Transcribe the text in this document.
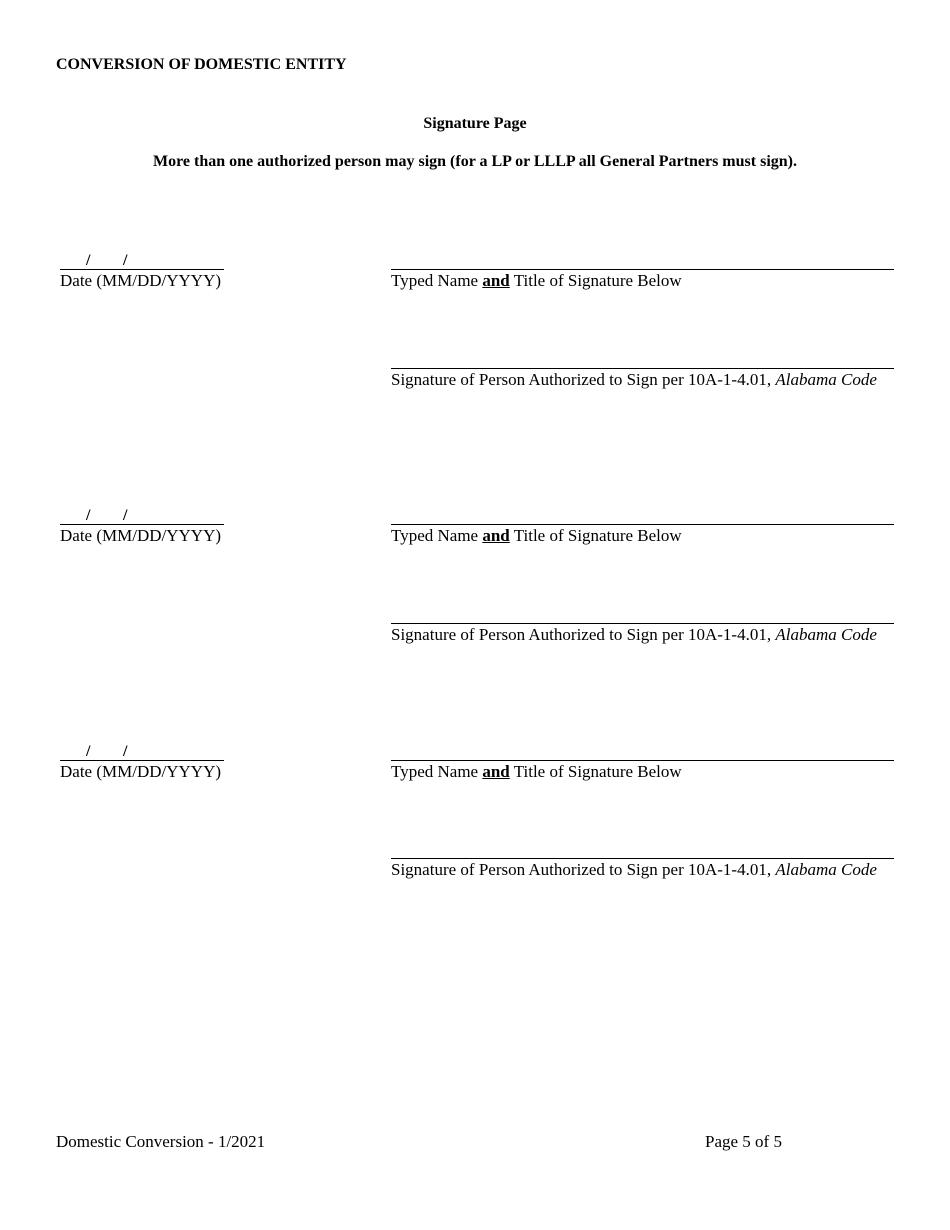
CONVERSION OF DOMESTIC ENTITY
Signature Page
More than one authorized person may sign (for a LP or LLLP all General Partners must sign).
/ /
Date (MM/DD/YYYY)	Typed Name and Title of Signature Below
Signature of Person Authorized to Sign per 10A-1-4.01, Alabama Code
/ /
Date (MM/DD/YYYY)	Typed Name and Title of Signature Below
Signature of Person Authorized to Sign per 10A-1-4.01, Alabama Code
/ /
Date (MM/DD/YYYY)	Typed Name and Title of Signature Below
Signature of Person Authorized to Sign per 10A-1-4.01, Alabama Code
Domestic Conversion - 1/2021	Page 5 of 5
